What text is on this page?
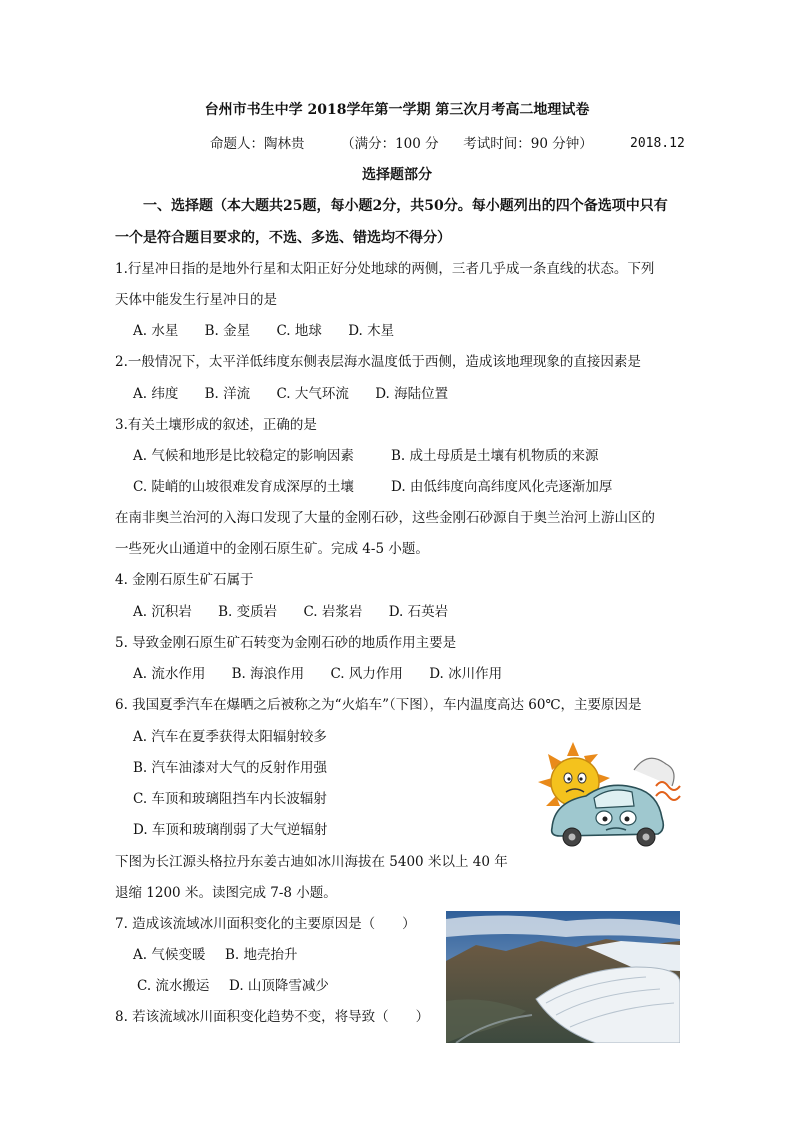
台州市书生中学 2018学年第一学期 第三次月考高二地理试卷
命题人：陶林贵	（满分：100 分 考试时间：90 分钟）	2018.12
选择题部分
一、选择题（本大题共25题，每小题2分，共50分。每小题列出的四个备选项中只有
一个是符合题目要求的，不选、多选、错选均不得分）
1.行星冲日指的是地外行星和太阳正好分处地球的两侧，三者几乎成一条直线的状态。下列
天体中能发生行星冲日的是
A. 水星 B. 金星 C. 地球 D. 木星
2.一般情况下，太平洋低纬度东侧表层海水温度低于西侧，造成该地理现象的直接因素是
A. 纬度 B. 洋流 C. 大气环流 D. 海陆位置
3.有关土壤形成的叙述，正确的是
A. 气候和地形是比较稳定的影响因素	B. 成土母质是土壤有机物质的来源
C. 陡峭的山坡很难发育成深厚的土壤	D. 由低纬度向高纬度风化壳逐渐加厚
在南非奥兰治河的入海口发现了大量的金刚石砂，这些金刚石砂源自于奥兰治河上游山区的
一些死火山通道中的金刚石原生矿。完成 4-5 小题。
4. 金刚石原生矿石属于
A. 沉积岩 B. 变质岩 C. 岩浆岩 D. 石英岩
5. 导致金刚石原生矿石转变为金刚石砂的地质作用主要是
A. 流水作用 B. 海浪作用 C. 风力作用 D. 冰川作用
6. 我国夏季汽车在爆晒之后被称之为“火焰车”（下图），车内温度高达 60℃，主要原因是
A. 汽车在夏季获得太阳辐射较多
B. 汽车油漆对大气的反射作用强
C. 车顶和玻璃阻挡车内长波辐射
D. 车顶和玻璃削弱了大气逆辐射
下图为长江源头格拉丹东姜古迪如冰川海拔在 5400 米以上 40 年
退缩 1200 米。读图完成 7-8 小题。
7. 造成该流域冰川面积变化的主要原因是（　　）
A. 气候变暖 B. 地壳抬升
C. 流水搬运 D. 山顶降雪减少
8. 若该流域冰川面积变化趋势不变，将导致（　　）
